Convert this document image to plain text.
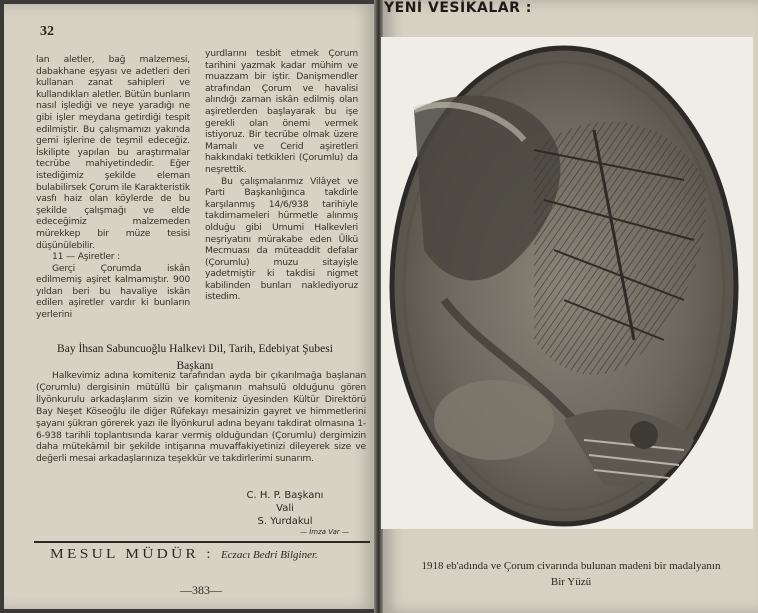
32

lan aletler, bağ malzemesi, dabakhane eşyası ve adetleri deri kullanan zanat sahipleri ve kullandıkları aletler. Bütün bunların nasıl işlediği ve neye yaradığı ne gibi işler meydana getirdiği tespit edilmiştir. Bu çalışmamızı yakında gemi işlerine de teşmil edeceğiz. İskilipte yapılan bu araştırmalar tecrübe mahiyetindedir. Eğer istediğimiz şekilde eleman bulabilirsek Çorum ile Karakteristik vasfı haiz olan köylerde de bu şekilde çalışmağı ve elde edeceğimiz malzemeden mürekkep bir müze tesisi düşünülebilir.

11 — Aşiretler :

Gerçi Çorumda iskân edilmemiş aşiret kalmamıştır. 900 yıldan beri bu havaliye iskân edilen aşiretler vardır ki bunların yerlerini

yurdlarını tesbit etmek Çorum tarihini yazmak kadar mühim ve muazzam bir iştir. Danişmendler atrafından Çorum ve havalisi alındığı zaman iskân edilmiş olan aşiretlerden başlayarak bu işe gerekli olan önemi vermek istiyoruz. Bir tecrübe olmak üzere Mamalı ve Cerid aşiretleri hakkındaki tetkikleri (Çorumlu) da neşrettik.

Bu çalışmalarımız Vilâyet ve Parti Başkanlığınca takdirle karşılanmış 14/6/938 tarihiyle takdirnameleri hürmetle alınmış olduğu gibi Umumi Halkevleri neşriyatını mürakabe eden Ülkü Mecmuası da müteaddit defalar (Çorumlu) muzu sitayişle yadetmiştir ki takdisi nigmet kabilinden bunları naklediyoruz istedim.

Bay İhsan Sabuncuoğlu Halkevi Dil, Tarih, Edebiyat Şubesi
Başkanı

Halkevimiz adına komiteniz tarafından ayda bir çıkarılmağa başlanan (Çorumlu) dergisinin mütüllü bir çalışmanın mahsulü olduğunu gören İlyönkurulu arkadaşlarım sizin ve komiteniz üyesinden Kültür Direktörü Bay Neşet Köseoğlu ile diğer Rüfekayı mesainizin gayret ve himmetlerini şayanı şükran görerek yazı ile İlyönkurul adına beyanı takdirat olmasına 1-6-938 tarihli toplantısında karar vermiş olduğundan (Çorumlu) dergimizin daha mütekâmil bir şekilde intişarına muvaffakiyetinizi dileyerek size ve değerli mesai arkadaşlarınıza teşekkür ve takdirlerimi sunarım.

C. H. P. Başkanı
Vali
S. Yurdakul
— İmza Var —
MESUL MÜDÜR : Eczacı Bedri Bilginer.
—383—
YENİ VESİKALAR :
1918 eb'adında ve Çorum civarında bulunan madeni bir madalyanın
Bir Yüzü
